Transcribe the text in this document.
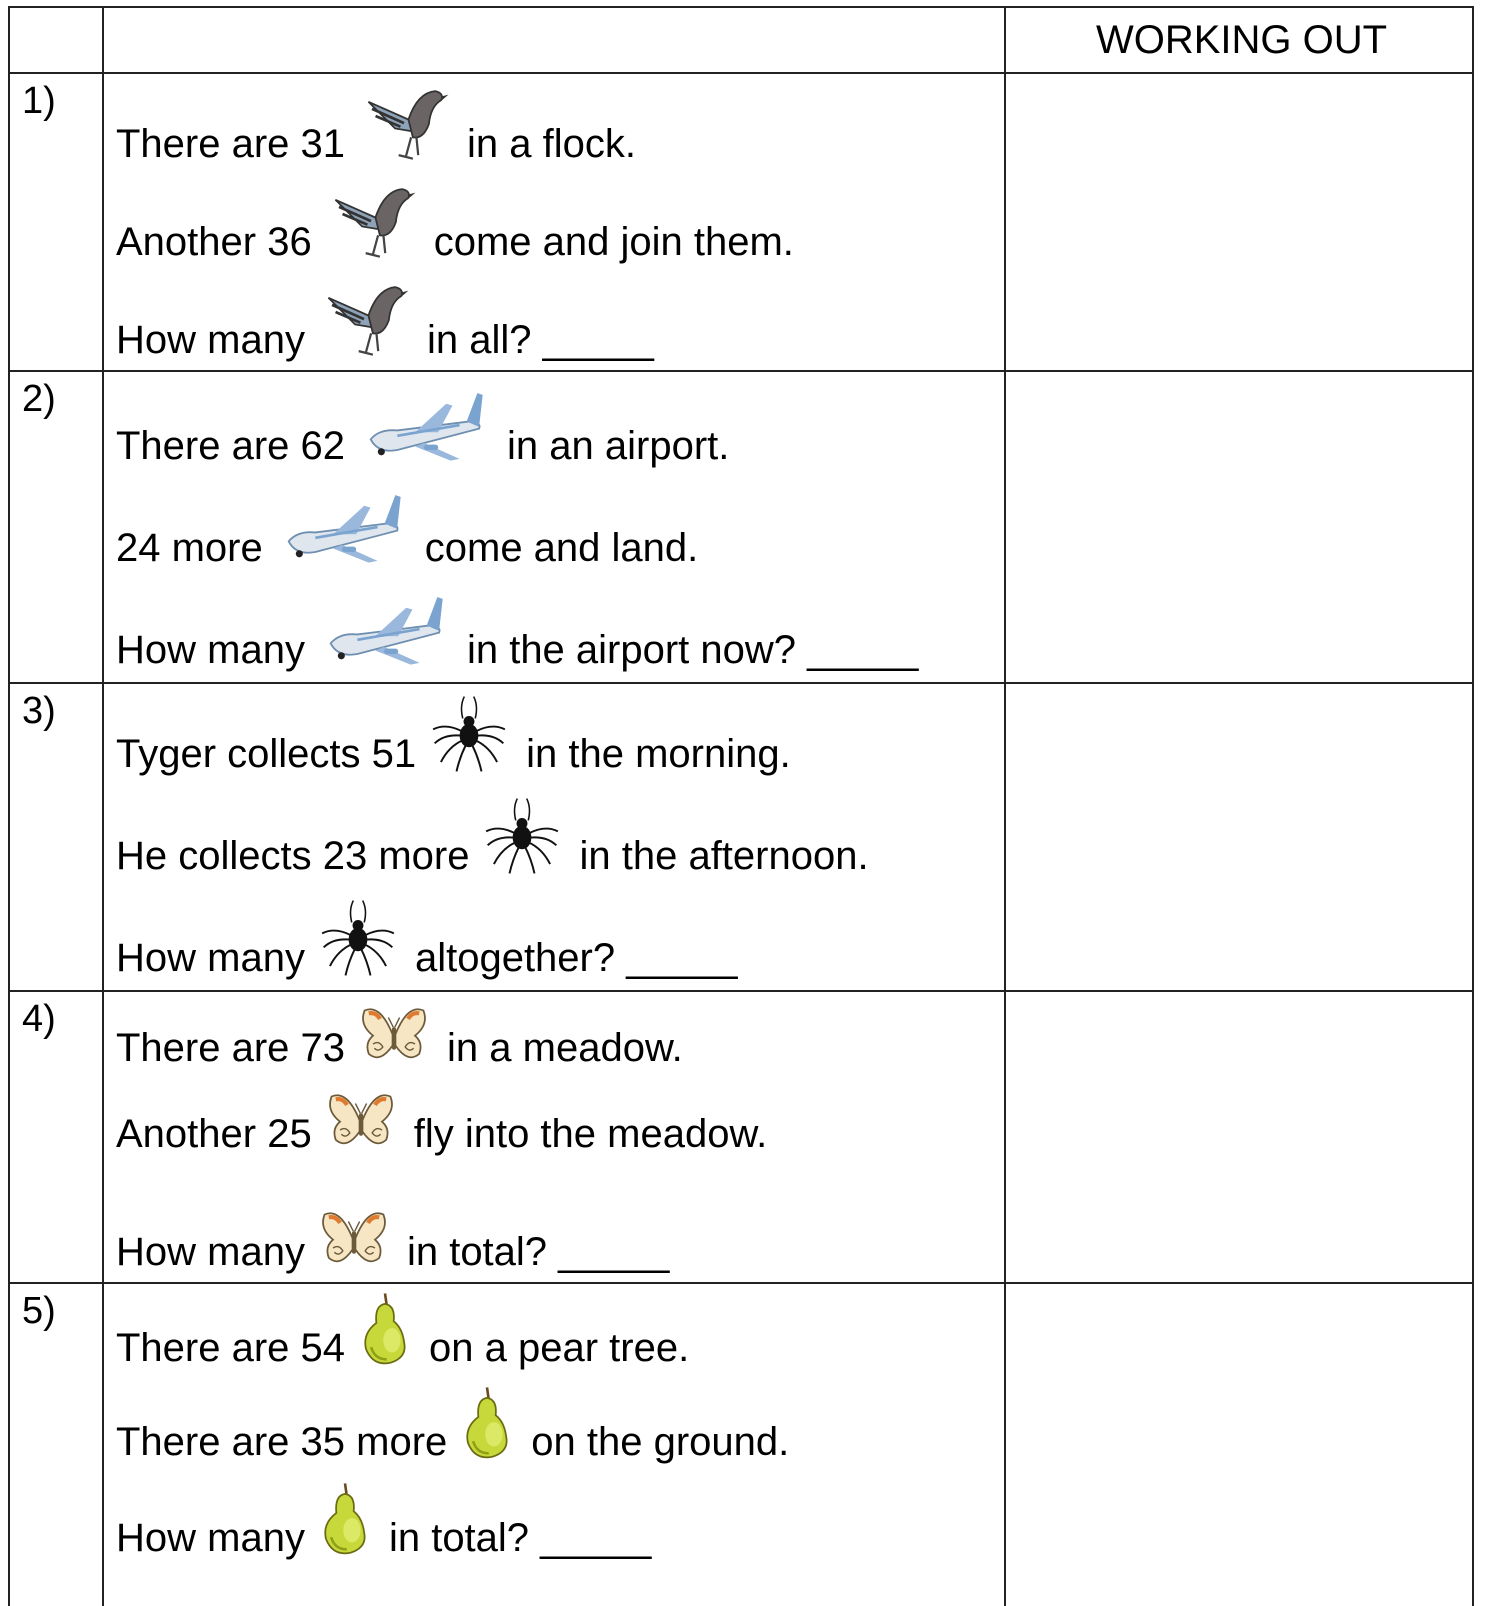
WORKING OUT
1)
There are 31	in a flock.
Another 36	come and join them.
How many	in all? _____
2)
There are 62	in an airport.
24 more	come and land.
How many	in the airport now? _____
3)
Tyger collects 51	in the morning.
He collects 23 more	in the afternoon.
How many	altogether? _____
4)
There are 73	in a meadow.
Another 25	fly into the meadow.
How many	in total? _____
5)
There are 54 on a pear tree.
There are 35 more on the ground.
How many in total? _____
